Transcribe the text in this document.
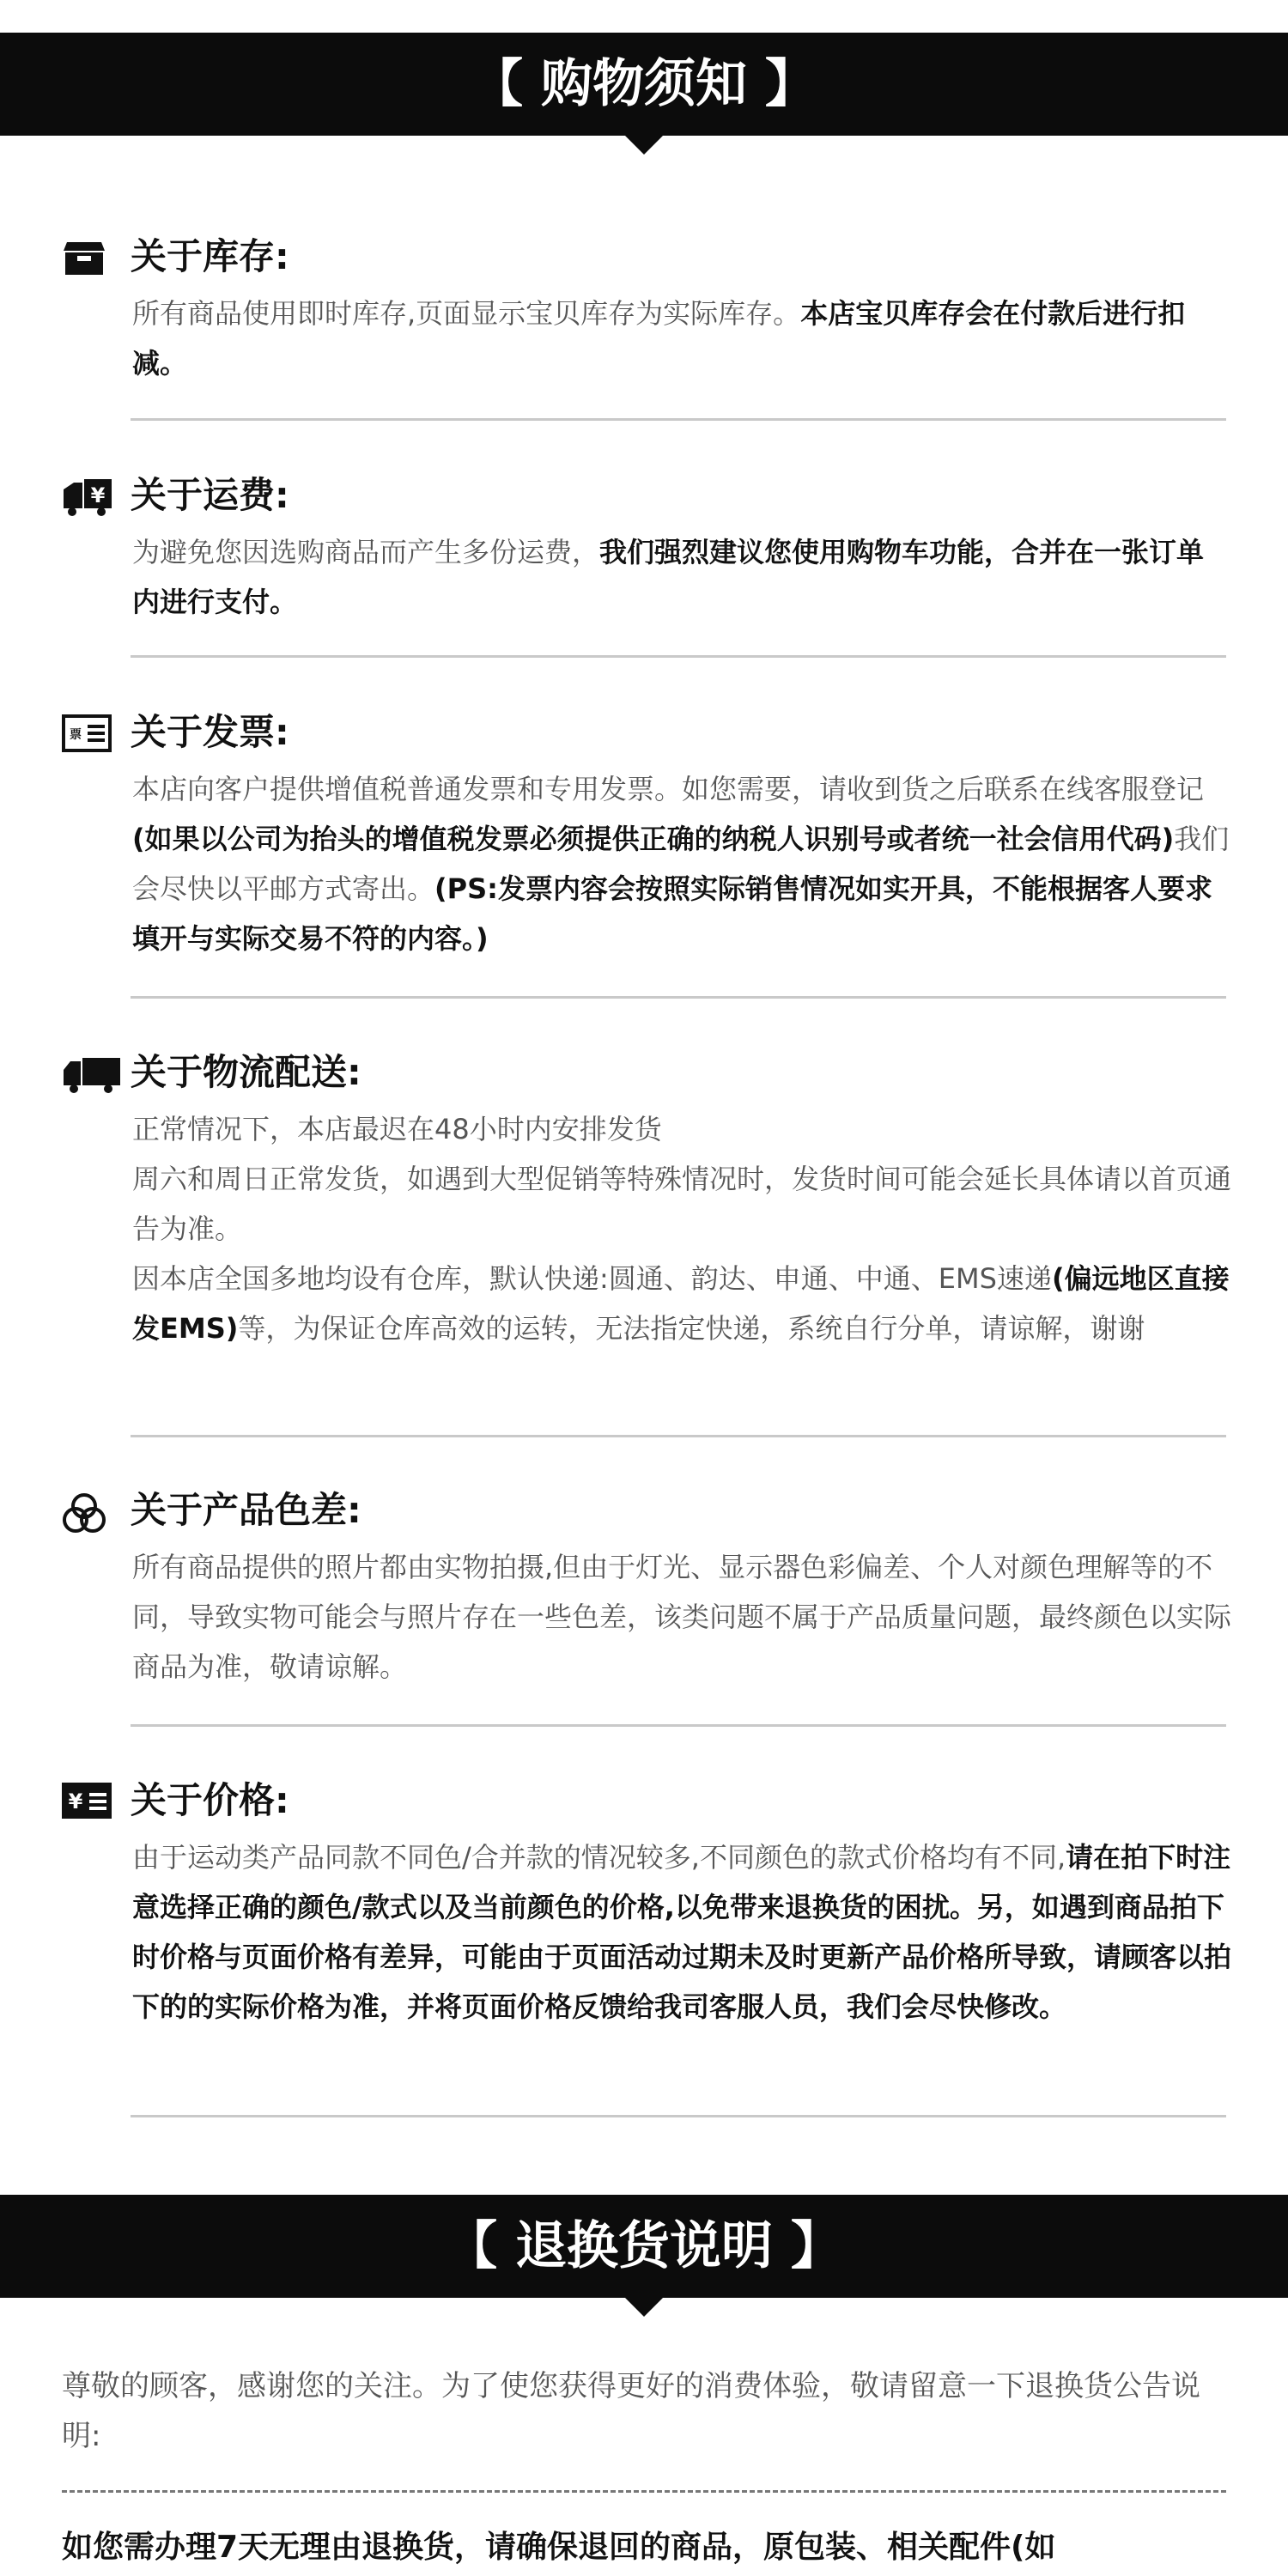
【 购物须知 】
关于库存:
所有商品使用即时库存,页面显示宝贝库存为实际库存。本店宝贝库存会在付款后进行扣减。
¥ 关于运费:
为避免您因选购商品而产生多份运费，我们强烈建议您使用购物车功能，合并在一张订单内进行支付。
票 关于发票:
本店向客户提供增值税普通发票和专用发票。如您需要，请收到货之后联系在线客服登记(如果以公司为抬头的增值税发票必须提供正确的纳税人识别号或者统一社会信用代码)我们会尽快以平邮方式寄出。(PS:发票内容会按照实际销售情况如实开具，不能根据客人要求填开与实际交易不符的内容。)
关于物流配送:
正常情况下，本店最迟在48小时内安排发货
周六和周日正常发货，如遇到大型促销等特殊情况时，发货时间可能会延长具体请以首页通告为准。
因本店全国多地均设有仓库，默认快递:圆通、韵达、申通、中通、EMS速递(偏远地区直接发EMS)等，为保证仓库高效的运转，无法指定快递，系统自行分单，请谅解，谢谢
关于产品色差:
所有商品提供的照片都由实物拍摄,但由于灯光、显示器色彩偏差、个人对颜色理解等的不同，导致实物可能会与照片存在一些色差，该类问题不属于产品质量问题，最终颜色以实际商品为准，敬请谅解。
¥ 关于价格:
由于运动类产品同款不同色/合并款的情况较多,不同颜色的款式价格均有不同,请在拍下时注意选择正确的颜色/款式以及当前颜色的价格,以免带来退换货的困扰。另，如遇到商品拍下时价格与页面价格有差异，可能由于页面活动过期未及时更新产品价格所导致，请顾客以拍下的的实际价格为准，并将页面价格反馈给我司客服人员，我们会尽快修改。
【 退换货说明 】
尊敬的顾客，感谢您的关注。为了使您获得更好的消费体验，敬请留意一下退换货公告说明:
如您需办理7天无理由退换货，请确保退回的商品，原包装、相关配件(如
